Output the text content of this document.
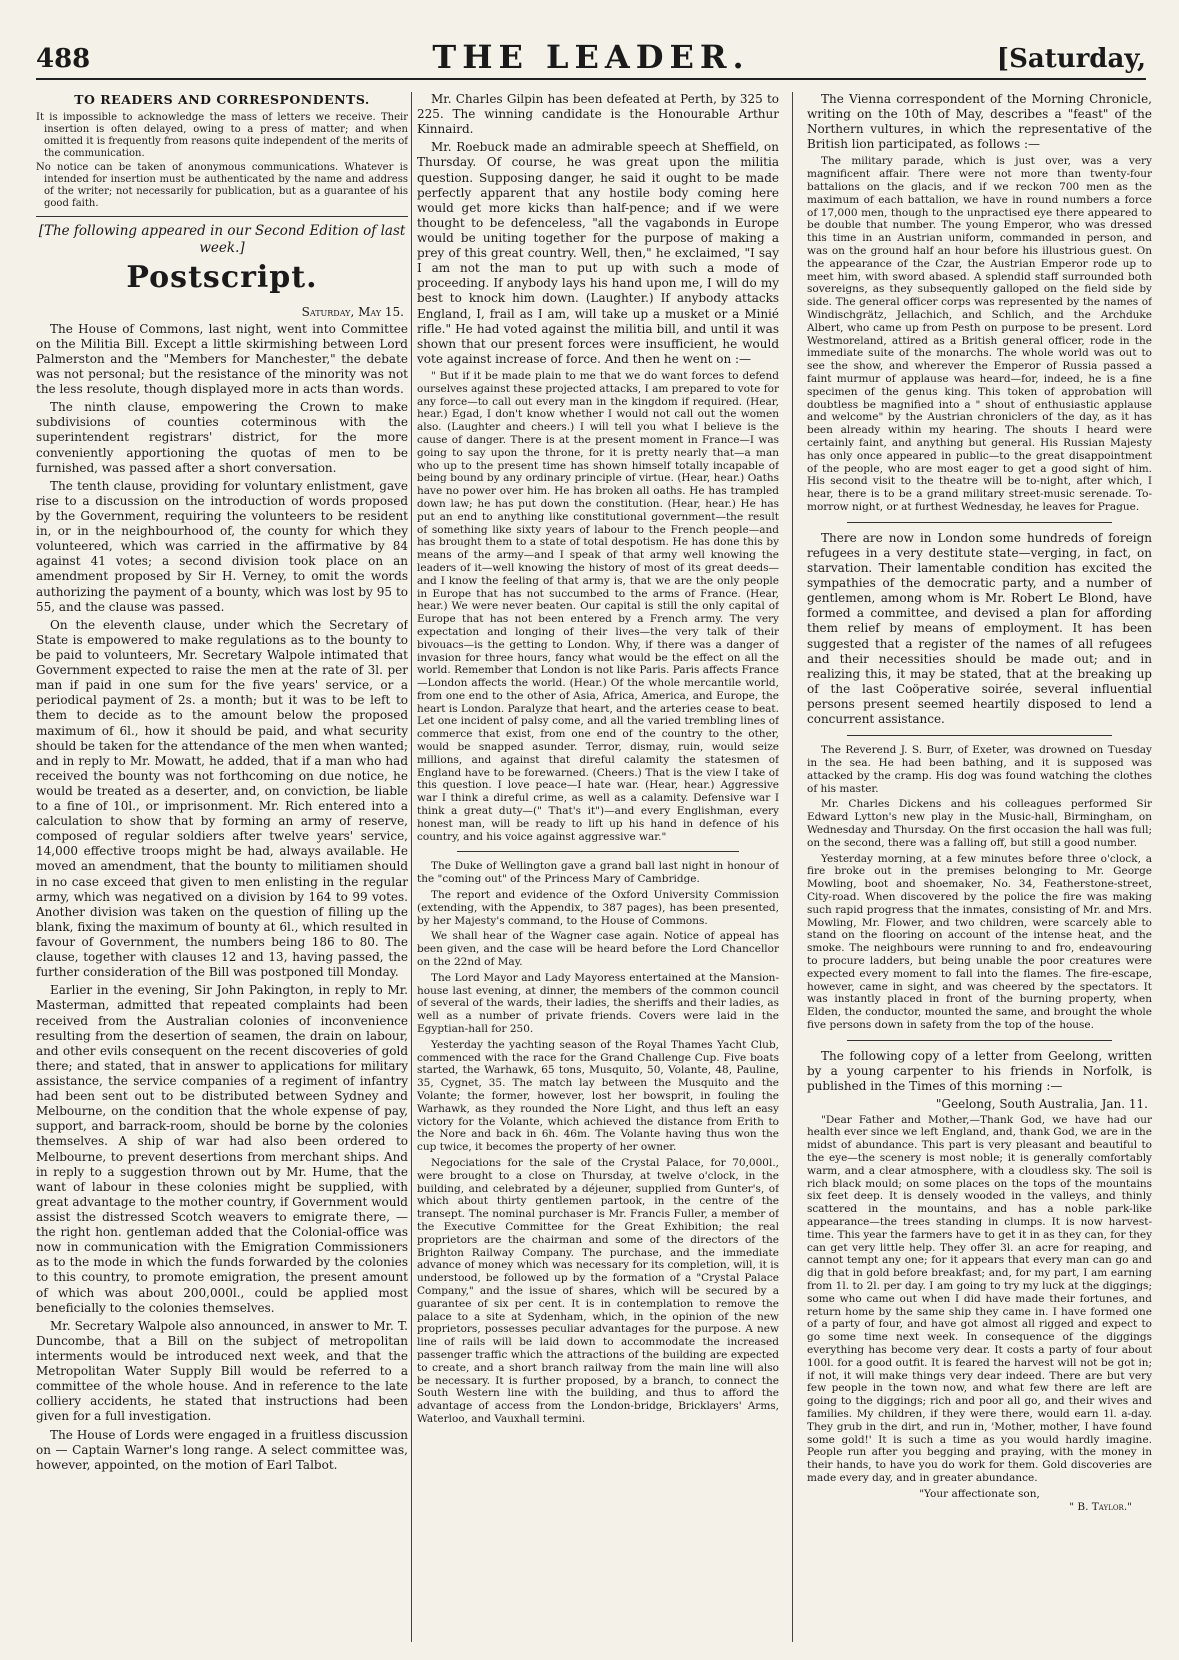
488	THE LEADER.	[Saturday,
TO READERS AND CORRESPONDENTS.

It is impossible to acknowledge the mass of letters we receive. Their insertion is often delayed, owing to a press of matter; and when omitted it is frequently from reasons quite independent of the merits of the communication.

No notice can be taken of anonymous communications. Whatever is intended for insertion must be authenticated by the name and address of the writer; not necessarily for publication, but as a guarantee of his good faith.

[The following appeared in our Second Edition of last week.]
Postscript.
Saturday, May 15.

The House of Commons, last night, went into Committee on the Militia Bill. Except a little skirmishing between Lord Palmerston and the "Members for Manchester," the debate was not personal; but the resistance of the minority was not the less resolute, though displayed more in acts than words.

The ninth clause, empowering the Crown to make subdivisions of counties coterminous with the superintendent registrars' district, for the more conveniently apportioning the quotas of men to be furnished, was passed after a short conversation.

The tenth clause, providing for voluntary enlistment, gave rise to a discussion on the introduction of words proposed by the Government, requiring the volunteers to be resident in, or in the neighbourhood of, the county for which they volunteered, which was carried in the affirmative by 84 against 41 votes; a second division took place on an amendment proposed by Sir H. Verney, to omit the words authorizing the payment of a bounty, which was lost by 95 to 55, and the clause was passed.

On the eleventh clause, under which the Secretary of State is empowered to make regulations as to the bounty to be paid to volunteers, Mr. Secretary Walpole intimated that Government expected to raise the men at the rate of 3l. per man if paid in one sum for the five years' service, or a periodical payment of 2s. a month; but it was to be left to them to decide as to the amount below the proposed maximum of 6l., how it should be paid, and what security should be taken for the attendance of the men when wanted; and in reply to Mr. Mowatt, he added, that if a man who had received the bounty was not forthcoming on due notice, he would be treated as a deserter, and, on conviction, be liable to a fine of 10l., or imprisonment. Mr. Rich entered into a calculation to show that by forming an army of reserve, composed of regular soldiers after twelve years' service, 14,000 effective troops might be had, always available. He moved an amendment, that the bounty to militiamen should in no case exceed that given to men enlisting in the regular army, which was negatived on a division by 164 to 99 votes. Another division was taken on the question of filling up the blank, fixing the maximum of bounty at 6l., which resulted in favour of Government, the numbers being 186 to 80. The clause, together with clauses 12 and 13, having passed, the further consideration of the Bill was postponed till Monday.

Earlier in the evening, Sir John Pakington, in reply to Mr. Masterman, admitted that repeated complaints had been received from the Australian colonies of inconvenience resulting from the desertion of seamen, the drain on labour, and other evils consequent on the recent discoveries of gold there; and stated, that in answer to applications for military assistance, the service companies of a regiment of infantry had been sent out to be distributed between Sydney and Melbourne, on the condition that the whole expense of pay, support, and barrack-room, should be borne by the colonies themselves. A ship of war had also been ordered to Melbourne, to prevent desertions from merchant ships. And in reply to a suggestion thrown out by Mr. Hume, that the want of labour in these colonies might be supplied, with great advantage to the mother country, if Government would assist the distressed Scotch weavers to emigrate there, — the right hon. gentleman added that the Colonial-office was now in communication with the Emigration Commissioners as to the mode in which the funds forwarded by the colonies to this country, to promote emigration, the present amount of which was about 200,000l., could be applied most beneficially to the colonies themselves.

Mr. Secretary Walpole also announced, in answer to Mr. T. Duncombe, that a Bill on the subject of metropolitan interments would be introduced next week, and that the Metropolitan Water Supply Bill would be referred to a committee of the whole house. And in reference to the late colliery accidents, he stated that instructions had been given for a full investigation.

The House of Lords were engaged in a fruitless discussion on — Captain Warner's long range. A select committee was, however, appointed, on the motion of Earl Talbot.

Mr. Charles Gilpin has been defeated at Perth, by 325 to 225. The winning candidate is the Honourable Arthur Kinnaird.

Mr. Roebuck made an admirable speech at Sheffield, on Thursday. Of course, he was great upon the militia question. Supposing danger, he said it ought to be made perfectly apparent that any hostile body coming here would get more kicks than half-pence; and if we were thought to be defenceless, "all the vagabonds in Europe would be uniting together for the purpose of making a prey of this great country. Well, then," he exclaimed, "I say I am not the man to put up with such a mode of proceeding. If anybody lays his hand upon me, I will do my best to knock him down. (Laughter.) If anybody attacks England, I, frail as I am, will take up a musket or a Minié rifle." He had voted against the militia bill, and until it was shown that our present forces were insufficient, he would vote against increase of force. And then he went on :—

" But if it be made plain to me that we do want forces to defend ourselves against these projected attacks, I am prepared to vote for any force—to call out every man in the kingdom if required. (Hear, hear.) Egad, I don't know whether I would not call out the women also. (Laughter and cheers.) I will tell you what I believe is the cause of danger. There is at the present moment in France—I was going to say upon the throne, for it is pretty nearly that—a man who up to the present time has shown himself totally incapable of being bound by any ordinary principle of virtue. (Hear, hear.) Oaths have no power over him. He has broken all oaths. He has trampled down law; he has put down the constitution. (Hear, hear.) He has put an end to anything like constitutional government—the result of something like sixty years of labour to the French people—and has brought them to a state of total despotism. He has done this by means of the army—and I speak of that army well knowing the leaders of it—well knowing the history of most of its great deeds—and I know the feeling of that army is, that we are the only people in Europe that has not succumbed to the arms of France. (Hear, hear.) We were never beaten. Our capital is still the only capital of Europe that has not been entered by a French army. The very expectation and longing of their lives—the very talk of their bivouacs—is the getting to London. Why, if there was a danger of invasion for three hours, fancy what would be the effect on all the world. Remember that London is not like Paris. Paris affects France—London affects the world. (Hear.) Of the whole mercantile world, from one end to the other of Asia, Africa, America, and Europe, the heart is London. Paralyze that heart, and the arteries cease to beat. Let one incident of palsy come, and all the varied trembling lines of commerce that exist, from one end of the country to the other, would be snapped asunder. Terror, dismay, ruin, would seize millions, and against that direful calamity the statesmen of England have to be forewarned. (Cheers.) That is the view I take of this question. I love peace—I hate war. (Hear, hear.) Aggressive war I think a direful crime, as well as a calamity. Defensive war I think a great duty—(" That's it")—and every Englishman, every honest man, will be ready to lift up his hand in defence of his country, and his voice against aggressive war."

The Duke of Wellington gave a grand ball last night in honour of the "coming out" of the Princess Mary of Cambridge.

The report and evidence of the Oxford University Commission (extending, with the Appendix, to 387 pages), has been presented, by her Majesty's command, to the House of Commons.

We shall hear of the Wagner case again. Notice of appeal has been given, and the case will be heard before the Lord Chancellor on the 22nd of May.

The Lord Mayor and Lady Mayoress entertained at the Mansion-house last evening, at dinner, the members of the common council of several of the wards, their ladies, the sheriffs and their ladies, as well as a number of private friends. Covers were laid in the Egyptian-hall for 250.

Yesterday the yachting season of the Royal Thames Yacht Club, commenced with the race for the Grand Challenge Cup. Five boats started, the Warhawk, 65 tons, Musquito, 50, Volante, 48, Pauline, 35, Cygnet, 35. The match lay between the Musquito and the Volante; the former, however, lost her bowsprit, in fouling the Warhawk, as they rounded the Nore Light, and thus left an easy victory for the Volante, which achieved the distance from Erith to the Nore and back in 6h. 46m. The Volante having thus won the cup twice, it becomes the property of her owner.

Negociations for the sale of the Crystal Palace, for 70,000l., were brought to a close on Thursday, at twelve o'clock, in the building, and celebrated by a déjeuner, supplied from Gunter's, of which about thirty gentlemen partook, in the centre of the transept. The nominal purchaser is Mr. Francis Fuller, a member of the Executive Committee for the Great Exhibition; the real proprietors are the chairman and some of the directors of the Brighton Railway Company. The purchase, and the immediate advance of money which was necessary for its completion, will, it is understood, be followed up by the formation of a "Crystal Palace Company," and the issue of shares, which will be secured by a guarantee of six per cent. It is in contemplation to remove the palace to a site at Sydenham, which, in the opinion of the new proprietors, possesses peculiar advantages for the purpose. A new line of rails will be laid down to accommodate the increased passenger traffic which the attractions of the building are expected to create, and a short branch railway from the main line will also be necessary. It is further proposed, by a branch, to connect the South Western line with the building, and thus to afford the advantage of access from the London-bridge, Bricklayers' Arms, Waterloo, and Vauxhall termini.

The Vienna correspondent of the Morning Chronicle, writing on the 10th of May, describes a "feast" of the Northern vultures, in which the representative of the British lion participated, as follows :—

The military parade, which is just over, was a very magnificent affair. There were not more than twenty-four battalions on the glacis, and if we reckon 700 men as the maximum of each battalion, we have in round numbers a force of 17,000 men, though to the unpractised eye there appeared to be double that number. The young Emperor, who was dressed this time in an Austrian uniform, commanded in person, and was on the ground half an hour before his illustrious guest. On the appearance of the Czar, the Austrian Emperor rode up to meet him, with sword abased. A splendid staff surrounded both sovereigns, as they subsequently galloped on the field side by side. The general officer corps was represented by the names of Windischgrätz, Jellachich, and Schlich, and the Archduke Albert, who came up from Pesth on purpose to be present. Lord Westmoreland, attired as a British general officer, rode in the immediate suite of the monarchs. The whole world was out to see the show, and wherever the Emperor of Russia passed a faint murmur of applause was heard—for, indeed, he is a fine specimen of the genus king. This token of approbation will doubtless be magnified into a " shout of enthusiastic applause and welcome" by the Austrian chroniclers of the day, as it has been already within my hearing. The shouts I heard were certainly faint, and anything but general. His Russian Majesty has only once appeared in public—to the great disappointment of the people, who are most eager to get a good sight of him. His second visit to the theatre will be to-night, after which, I hear, there is to be a grand military street-music serenade. To-morrow night, or at furthest Wednesday, he leaves for Prague.

There are now in London some hundreds of foreign refugees in a very destitute state—verging, in fact, on starvation. Their lamentable condition has excited the sympathies of the democratic party, and a number of gentlemen, among whom is Mr. Robert Le Blond, have formed a committee, and devised a plan for affording them relief by means of employment. It has been suggested that a register of the names of all refugees and their necessities should be made out; and in realizing this, it may be stated, that at the breaking up of the last Coöperative soirée, several influential persons present seemed heartily disposed to lend a concurrent assistance.

The Reverend J. S. Burr, of Exeter, was drowned on Tuesday in the sea. He had been bathing, and it is supposed was attacked by the cramp. His dog was found watching the clothes of his master.

Mr. Charles Dickens and his colleagues performed Sir Edward Lytton's new play in the Music-hall, Birmingham, on Wednesday and Thursday. On the first occasion the hall was full; on the second, there was a falling off, but still a good number.

Yesterday morning, at a few minutes before three o'clock, a fire broke out in the premises belonging to Mr. George Mowling, boot and shoemaker, No. 34, Featherstone-street, City-road. When discovered by the police the fire was making such rapid progress that the inmates, consisting of Mr. and Mrs. Mowling, Mr. Flower, and two children, were scarcely able to stand on the flooring on account of the intense heat, and the smoke. The neighbours were running to and fro, endeavouring to procure ladders, but being unable the poor creatures were expected every moment to fall into the flames. The fire-escape, however, came in sight, and was cheered by the spectators. It was instantly placed in front of the burning property, when Elden, the conductor, mounted the same, and brought the whole five persons down in safety from the top of the house.

The following copy of a letter from Geelong, written by a young carpenter to his friends in Norfolk, is published in the Times of this morning :—

"Geelong, South Australia, Jan. 11.

"Dear Father and Mother,—Thank God, we have had our health ever since we left England, and, thank God, we are in the midst of abundance. This part is very pleasant and beautiful to the eye—the scenery is most noble; it is generally comfortably warm, and a clear atmosphere, with a cloudless sky. The soil is rich black mould; on some places on the tops of the mountains six feet deep. It is densely wooded in the valleys, and thinly scattered in the mountains, and has a noble park-like appearance—the trees standing in clumps. It is now harvest-time. This year the farmers have to get it in as they can, for they can get very little help. They offer 3l. an acre for reaping, and cannot tempt any one; for it appears that every man can go and dig that in gold before breakfast; and, for my part, I am earning from 1l. to 2l. per day. I am going to try my luck at the diggings; some who came out when I did have made their fortunes, and return home by the same ship they came in. I have formed one of a party of four, and have got almost all rigged and expect to go some time next week. In consequence of the diggings everything has become very dear. It costs a party of four about 100l. for a good outfit. It is feared the harvest will not be got in; if not, it will make things very dear indeed. There are but very few people in the town now, and what few there are left are going to the diggings; rich and poor all go, and their wives and families. My children, if they were there, would earn 1l. a-day. They grub in the dirt, and run in, 'Mother, mother, I have found some gold!' It is such a time as you would hardly imagine. People run after you begging and praying, with the money in their hands, to have you do work for them. Gold discoveries are made every day, and in greater abundance.

"Your affectionate son,
" B. Taylor."
